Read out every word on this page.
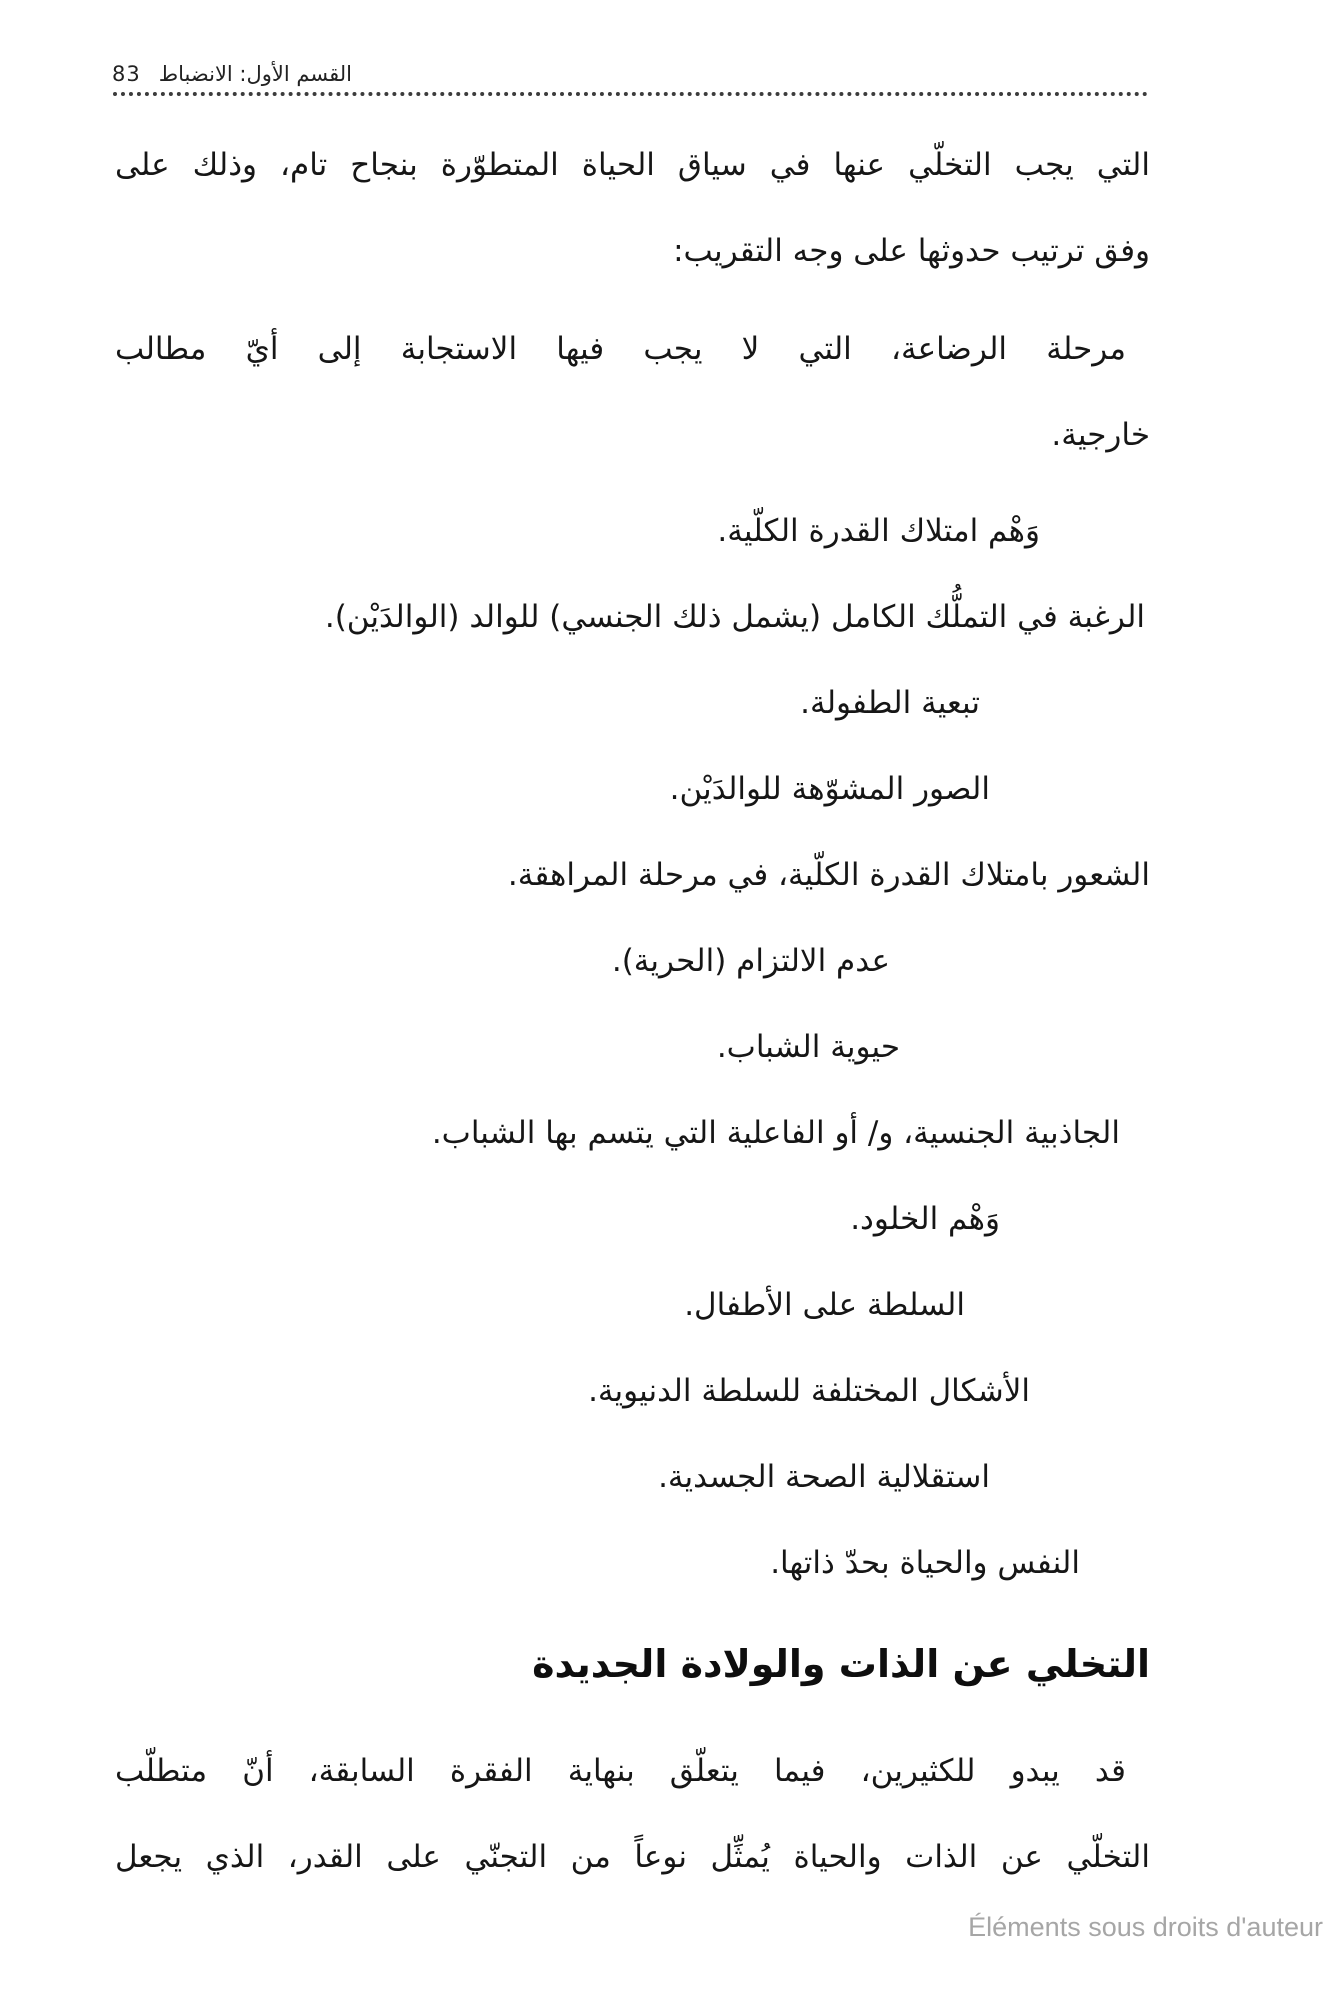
83 القسم الأول: الانضباط
التي يجب التخلّي عنها في سياق الحياة المتطوّرة بنجاح تام، وذلك على
وفق ترتيب حدوثها على وجه التقريب:
مرحلة الرضاعة، التي لا يجب فيها الاستجابة إلى أيّ مطالب
خارجية.
وَهْم امتلاك القدرة الكلّية.
الرغبة في التملُّك الكامل (يشمل ذلك الجنسي) للوالد (الوالدَيْن).
تبعية الطفولة.
الصور المشوّهة للوالدَيْن.
الشعور بامتلاك القدرة الكلّية، في مرحلة المراهقة.
عدم الالتزام (الحرية).
حيوية الشباب.
الجاذبية الجنسية، و/ أو الفاعلية التي يتسم بها الشباب.
وَهْم الخلود.
السلطة على الأطفال.
الأشكال المختلفة للسلطة الدنيوية.
استقلالية الصحة الجسدية.
النفس والحياة بحدّ ذاتها.
التخلي عن الذات والولادة الجديدة
قد يبدو للكثيرين، فيما يتعلّق بنهاية الفقرة السابقة، أنّ متطلّب
التخلّي عن الذات والحياة يُمثِّل نوعاً من التجنّي على القدر، الذي يجعل
Éléments sous droits d'auteur
